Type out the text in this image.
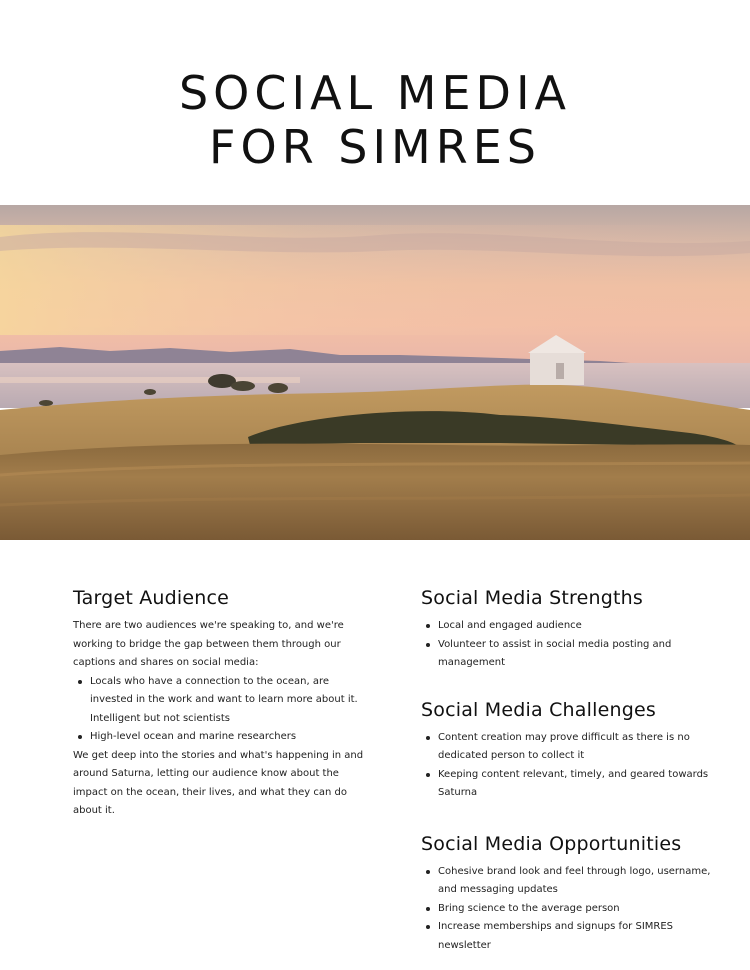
SOCIAL MEDIA
FOR SIMRES
Target Audience

There are two audiences we're speaking to, and we're working to bridge the gap between them through our captions and shares on social media:

Locals who have a connection to the ocean, are invested in the work and want to learn more about it. Intelligent but not scientists
High-level ocean and marine researchers

We get deep into the stories and what's happening in and around Saturna, letting our audience know about the impact on the ocean, their lives, and what they can do about it.

Social Media Strengths
Local and engaged audience
Volunteer to assist in social media posting and management
Social Media Challenges
Content creation may prove difficult as there is no dedicated person to collect it
Keeping content relevant, timely, and geared towards Saturna
Social Media Opportunities
Cohesive brand look and feel through logo, username, and messaging updates
Bring science to the average person
Increase memberships and signups for SIMRES newsletter
